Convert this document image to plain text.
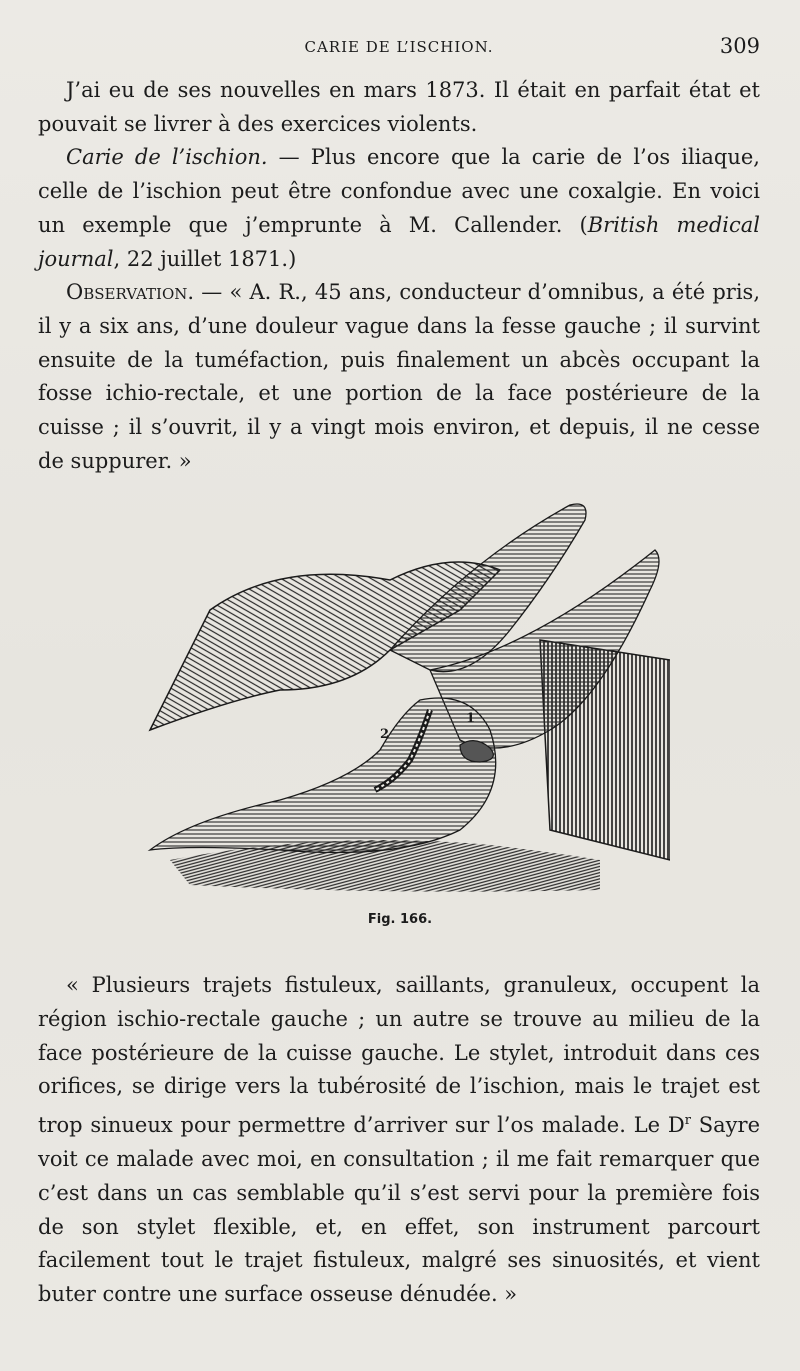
CARIE DE L’ISCHION.	309

J’ai eu de ses nouvelles en mars 1873. Il était en parfait état et pouvait se livrer à des exercices violents.

Carie de l’ischion. — Plus encore que la carie de l’os iliaque, celle de l’ischion peut être confondue avec une coxalgie. En voici un exemple que j’emprunte à M. Callender. (British medical journal, 22 juillet 1871.)

Observation. — « A. R., 45 ans, conducteur d’omnibus, a été pris, il y a six ans, d’une douleur vague dans la fesse gauche ; il survint ensuite de la tuméfaction, puis finalement un abcès occupant la fosse ichio-rectale, et une portion de la face postérieure de la cuisse ; il s’ouvrit, il y a vingt mois environ, et depuis, il ne cesse de suppurer. »

1
2
Fig. 166.

« Plusieurs trajets fistuleux, saillants, granuleux, occupent la région ischio-rectale gauche ; un autre se trouve au milieu de la face postérieure de la cuisse gauche. Le stylet, introduit dans ces orifices, se dirige vers la tubérosité de l’ischion, mais le trajet est trop sinueux pour permettre d’arriver sur l’os malade. Le $D^r$ Sayre voit ce malade avec moi, en consultation ; il me fait remarquer que c’est dans un cas semblable qu’il s’est servi pour la première fois de son stylet flexible, et, en effet, son instrument parcourt facilement tout le trajet fistuleux, malgré ses sinuosités, et vient buter contre une surface osseuse dénudée. »
